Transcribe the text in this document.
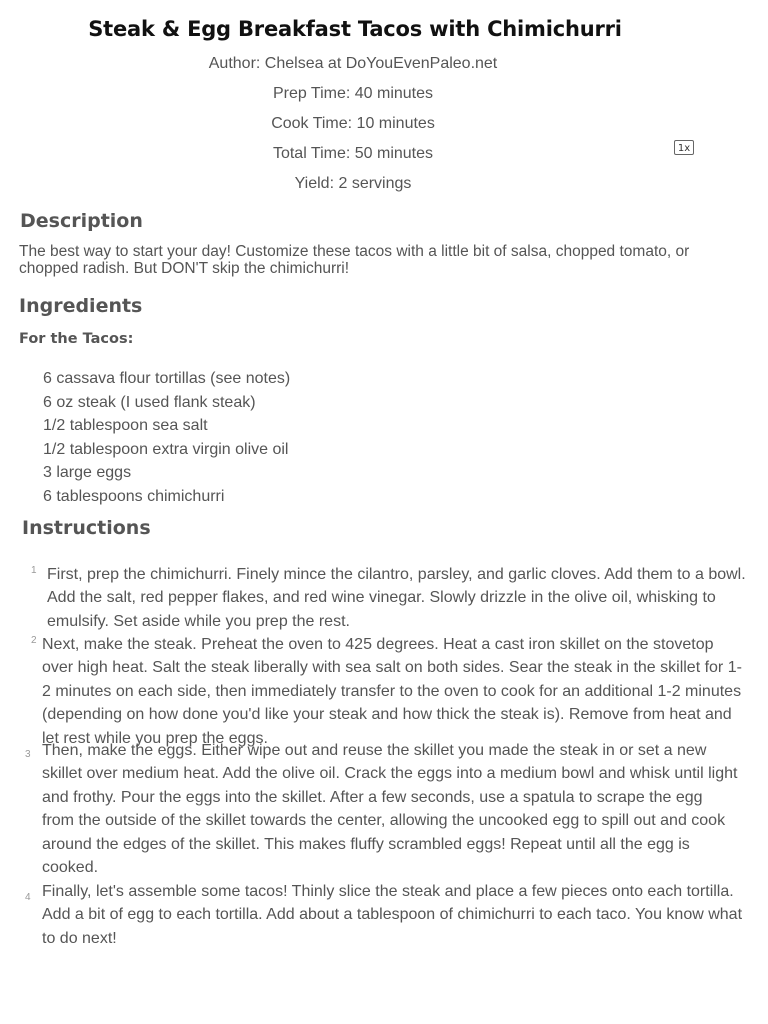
Steak & Egg Breakfast Tacos with Chimichurri

Author: Chelsea at DoYouEvenPaleo.net

Prep Time: 40 minutes

Cook Time: 10 minutes

Total Time: 50 minutes

Yield: 2 servings

1x
Description

The best way to start your day! Customize these tacos with a little bit of salsa, chopped tomato, or chopped radish. But DON'T skip the chimichurri!

Ingredients
For the Tacos:
6 cassava flour tortillas (see notes)
6 oz steak (I used flank steak)
1/2 tablespoon sea salt
1/2 tablespoon extra virgin olive oil
3 large eggs
6 tablespoons chimichurri
Instructions
1 First, prep the chimichurri. Finely mince the cilantro, parsley, and garlic cloves. Add them to a bowl. Add the salt, red pepper flakes, and red wine vinegar. Slowly drizzle in the olive oil, whisking to emulsify. Set aside while you prep the rest.

2 Next, make the steak. Preheat the oven to 425 degrees. Heat a cast iron skillet on the stovetop over high heat. Salt the steak liberally with sea salt on both sides. Sear the steak in the skillet for 1-2 minutes on each side, then immediately transfer to the oven to cook for an additional 1-2 minutes (depending on how done you'd like your steak and how thick the steak is). Remove from heat and let rest while you prep the eggs.

3 Then, make the eggs. Either wipe out and reuse the skillet you made the steak in or set a new skillet over medium heat. Add the olive oil. Crack the eggs into a medium bowl and whisk until light and frothy. Pour the eggs into the skillet. After a few seconds, use a spatula to scrape the egg from the outside of the skillet towards the center, allowing the uncooked egg to spill out and cook around the edges of the skillet. This makes fluffy scrambled eggs! Repeat until all the egg is cooked.

4 Finally, let's assemble some tacos! Thinly slice the steak and place a few pieces onto each tortilla. Add a bit of egg to each tortilla. Add about a tablespoon of chimichurri to each taco. You know what to do next!
